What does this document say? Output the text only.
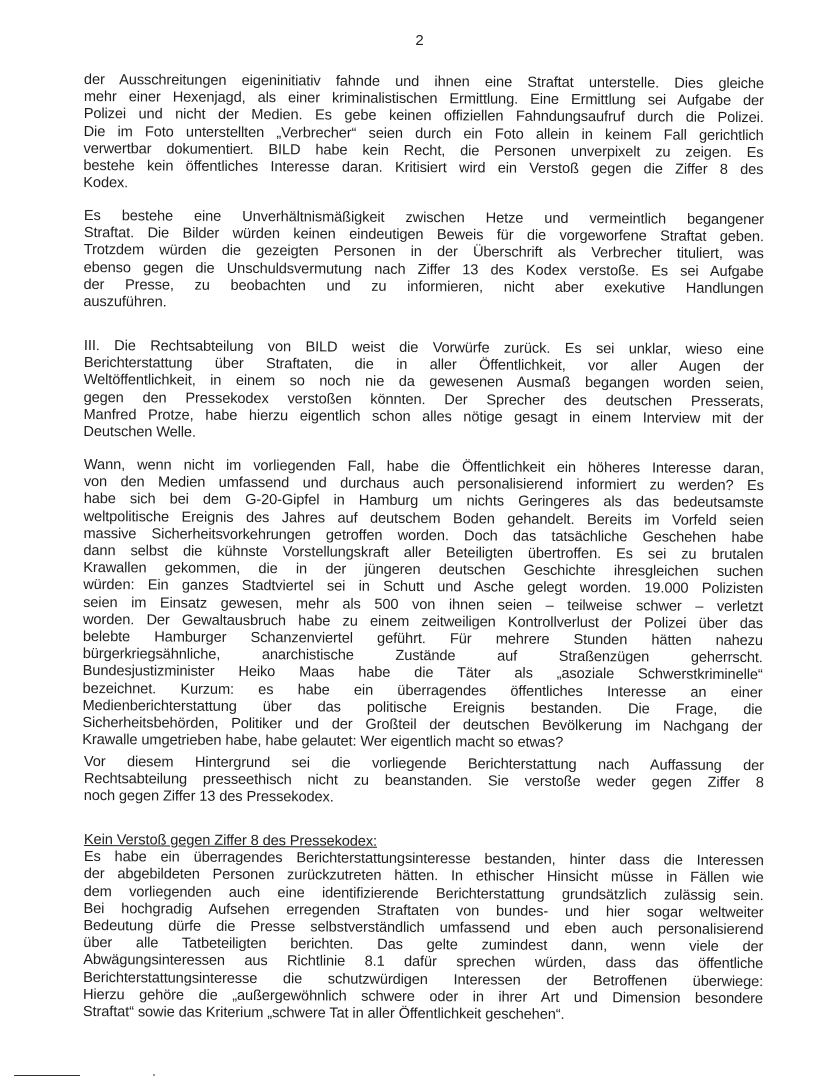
2
der Ausschreitungen eigeninitiativ fahnde und ihnen eine Straftat unterstelle. Dies gleiche
mehr einer Hexenjagd, als einer kriminalistischen Ermittlung. Eine Ermittlung sei Aufgabe der
Polizei und nicht der Medien. Es gebe keinen offiziellen Fahndungsaufruf durch die Polizei.
Die im Foto unterstellten „Verbrecher“ seien durch ein Foto allein in keinem Fall gerichtlich
verwertbar dokumentiert. BILD habe kein Recht, die Personen unverpixelt zu zeigen. Es
bestehe kein öffentliches Interesse daran. Kritisiert wird ein Verstoß gegen die Ziffer 8 des
Kodex.
Es bestehe eine Unverhältnismäßigkeit zwischen Hetze und vermeintlich begangener
Straftat. Die Bilder würden keinen eindeutigen Beweis für die vorgeworfene Straftat geben.
Trotzdem würden die gezeigten Personen in der Überschrift als Verbrecher tituliert, was
ebenso gegen die Unschuldsvermutung nach Ziffer 13 des Kodex verstoße. Es sei Aufgabe
der Presse, zu beobachten und zu informieren, nicht aber exekutive Handlungen
auszuführen.
III. Die Rechtsabteilung von BILD weist die Vorwürfe zurück. Es sei unklar, wieso eine
Berichterstattung über Straftaten, die in aller Öffentlichkeit, vor aller Augen der
Weltöffentlichkeit, in einem so noch nie da gewesenen Ausmaß begangen worden seien,
gegen den Pressekodex verstoßen könnten. Der Sprecher des deutschen Presserats,
Manfred Protze, habe hierzu eigentlich schon alles nötige gesagt in einem Interview mit der
Deutschen Welle.
Wann, wenn nicht im vorliegenden Fall, habe die Öffentlichkeit ein höheres Interesse daran,
von den Medien umfassend und durchaus auch personalisierend informiert zu werden? Es
habe sich bei dem G-20-Gipfel in Hamburg um nichts Geringeres als das bedeutsamste
weltpolitische Ereignis des Jahres auf deutschem Boden gehandelt. Bereits im Vorfeld seien
massive Sicherheitsvorkehrungen getroffen worden. Doch das tatsächliche Geschehen habe
dann selbst die kühnste Vorstellungskraft aller Beteiligten übertroffen. Es sei zu brutalen
Krawallen gekommen, die in der jüngeren deutschen Geschichte ihresgleichen suchen
würden: Ein ganzes Stadtviertel sei in Schutt und Asche gelegt worden. 19.000 Polizisten
seien im Einsatz gewesen, mehr als 500 von ihnen seien – teilweise schwer – verletzt
worden. Der Gewaltausbruch habe zu einem zeitweiligen Kontrollverlust der Polizei über das
belebte Hamburger Schanzenviertel geführt. Für mehrere Stunden hätten nahezu
bürgerkriegsähnliche, anarchistische Zustände auf Straßenzügen geherrscht.
Bundesjustizminister Heiko Maas habe die Täter als „asoziale Schwerstkriminelle“
bezeichnet. Kurzum: es habe ein überragendes öffentliches Interesse an einer
Medienberichterstattung über das politische Ereignis bestanden. Die Frage, die
Sicherheitsbehörden, Politiker und der Großteil der deutschen Bevölkerung im Nachgang der
Krawalle umgetrieben habe, habe gelautet: Wer eigentlich macht so etwas?
Vor diesem Hintergrund sei die vorliegende Berichterstattung nach Auffassung der
Rechtsabteilung presseethisch nicht zu beanstanden. Sie verstoße weder gegen Ziffer 8
noch gegen Ziffer 13 des Pressekodex.
Kein Verstoß gegen Ziffer 8 des Pressekodex:
Es habe ein überragendes Berichterstattungsinteresse bestanden, hinter dass die Interessen
der abgebildeten Personen zurückzutreten hätten. In ethischer Hinsicht müsse in Fällen wie
dem vorliegenden auch eine identifizierende Berichterstattung grundsätzlich zulässig sein.
Bei hochgradig Aufsehen erregenden Straftaten von bundes- und hier sogar weltweiter
Bedeutung dürfe die Presse selbstverständlich umfassend und eben auch personalisierend
über alle Tatbeteiligten berichten. Das gelte zumindest dann, wenn viele der
Abwägungsinteressen aus Richtlinie 8.1 dafür sprechen würden, dass das öffentliche
Berichterstattungsinteresse die schutzwürdigen Interessen der Betroffenen überwiege:
Hierzu gehöre die „außergewöhnlich schwere oder in ihrer Art und Dimension besondere
Straftat“ sowie das Kriterium „schwere Tat in aller Öffentlichkeit geschehen“.
